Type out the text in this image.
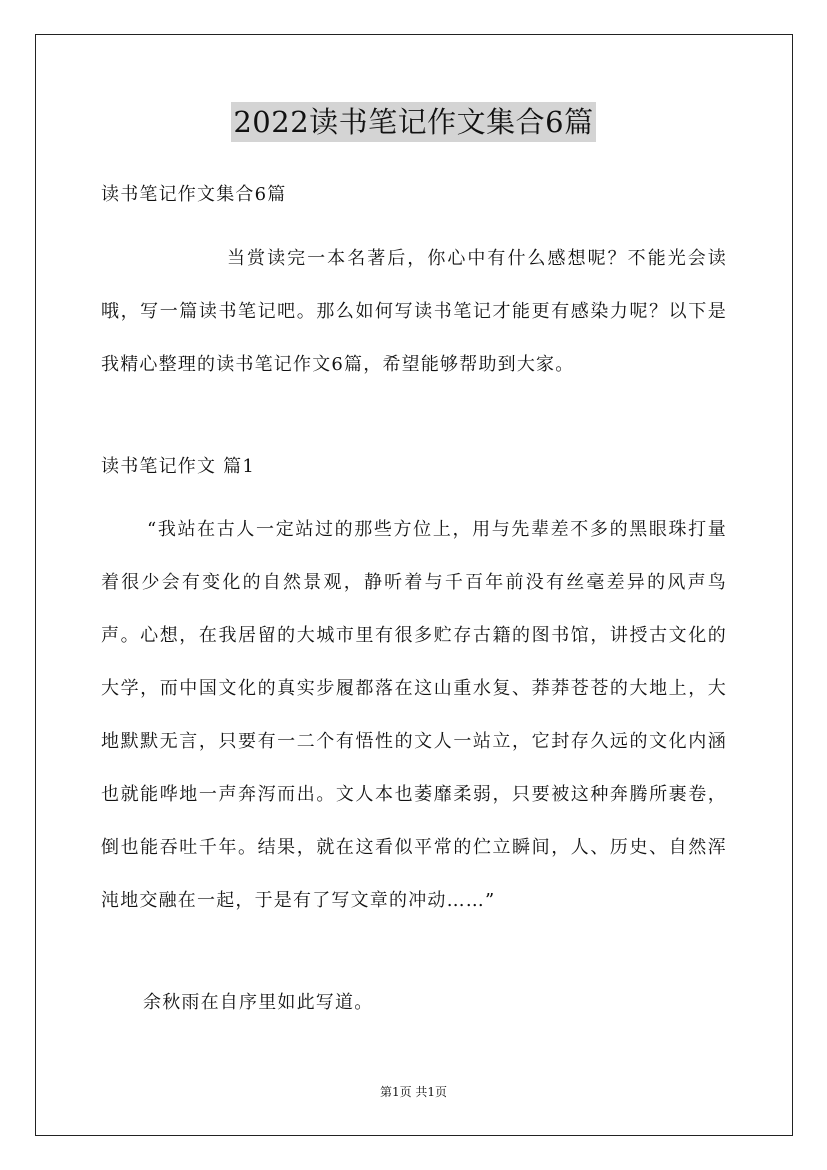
2022读书笔记作文集合6篇
读书笔记作文集合6篇
当赏读完一本名著后，你心中有什么感想呢？不能光会读哦，写一篇读书笔记吧。那么如何写读书笔记才能更有感染力呢？以下是我精心整理的读书笔记作文6篇，希望能够帮助到大家。
读书笔记作文 篇1
“我站在古人一定站过的那些方位上，用与先辈差不多的黑眼珠打量着很少会有变化的自然景观，静听着与千百年前没有丝毫差异的风声鸟声。心想，在我居留的大城市里有很多贮存古籍的图书馆，讲授古文化的大学，而中国文化的真实步履都落在这山重水复、莽莽苍苍的大地上，大地默默无言，只要有一二个有悟性的文人一站立，它封存久远的文化内涵也就能哗地一声奔泻而出。文人本也萎靡柔弱，只要被这种奔腾所裹卷，倒也能吞吐千年。结果，就在这看似平常的伫立瞬间，人、历史、自然浑沌地交融在一起，于是有了写文章的冲动……”
余秋雨在自序里如此写道。
第1页 共1页
